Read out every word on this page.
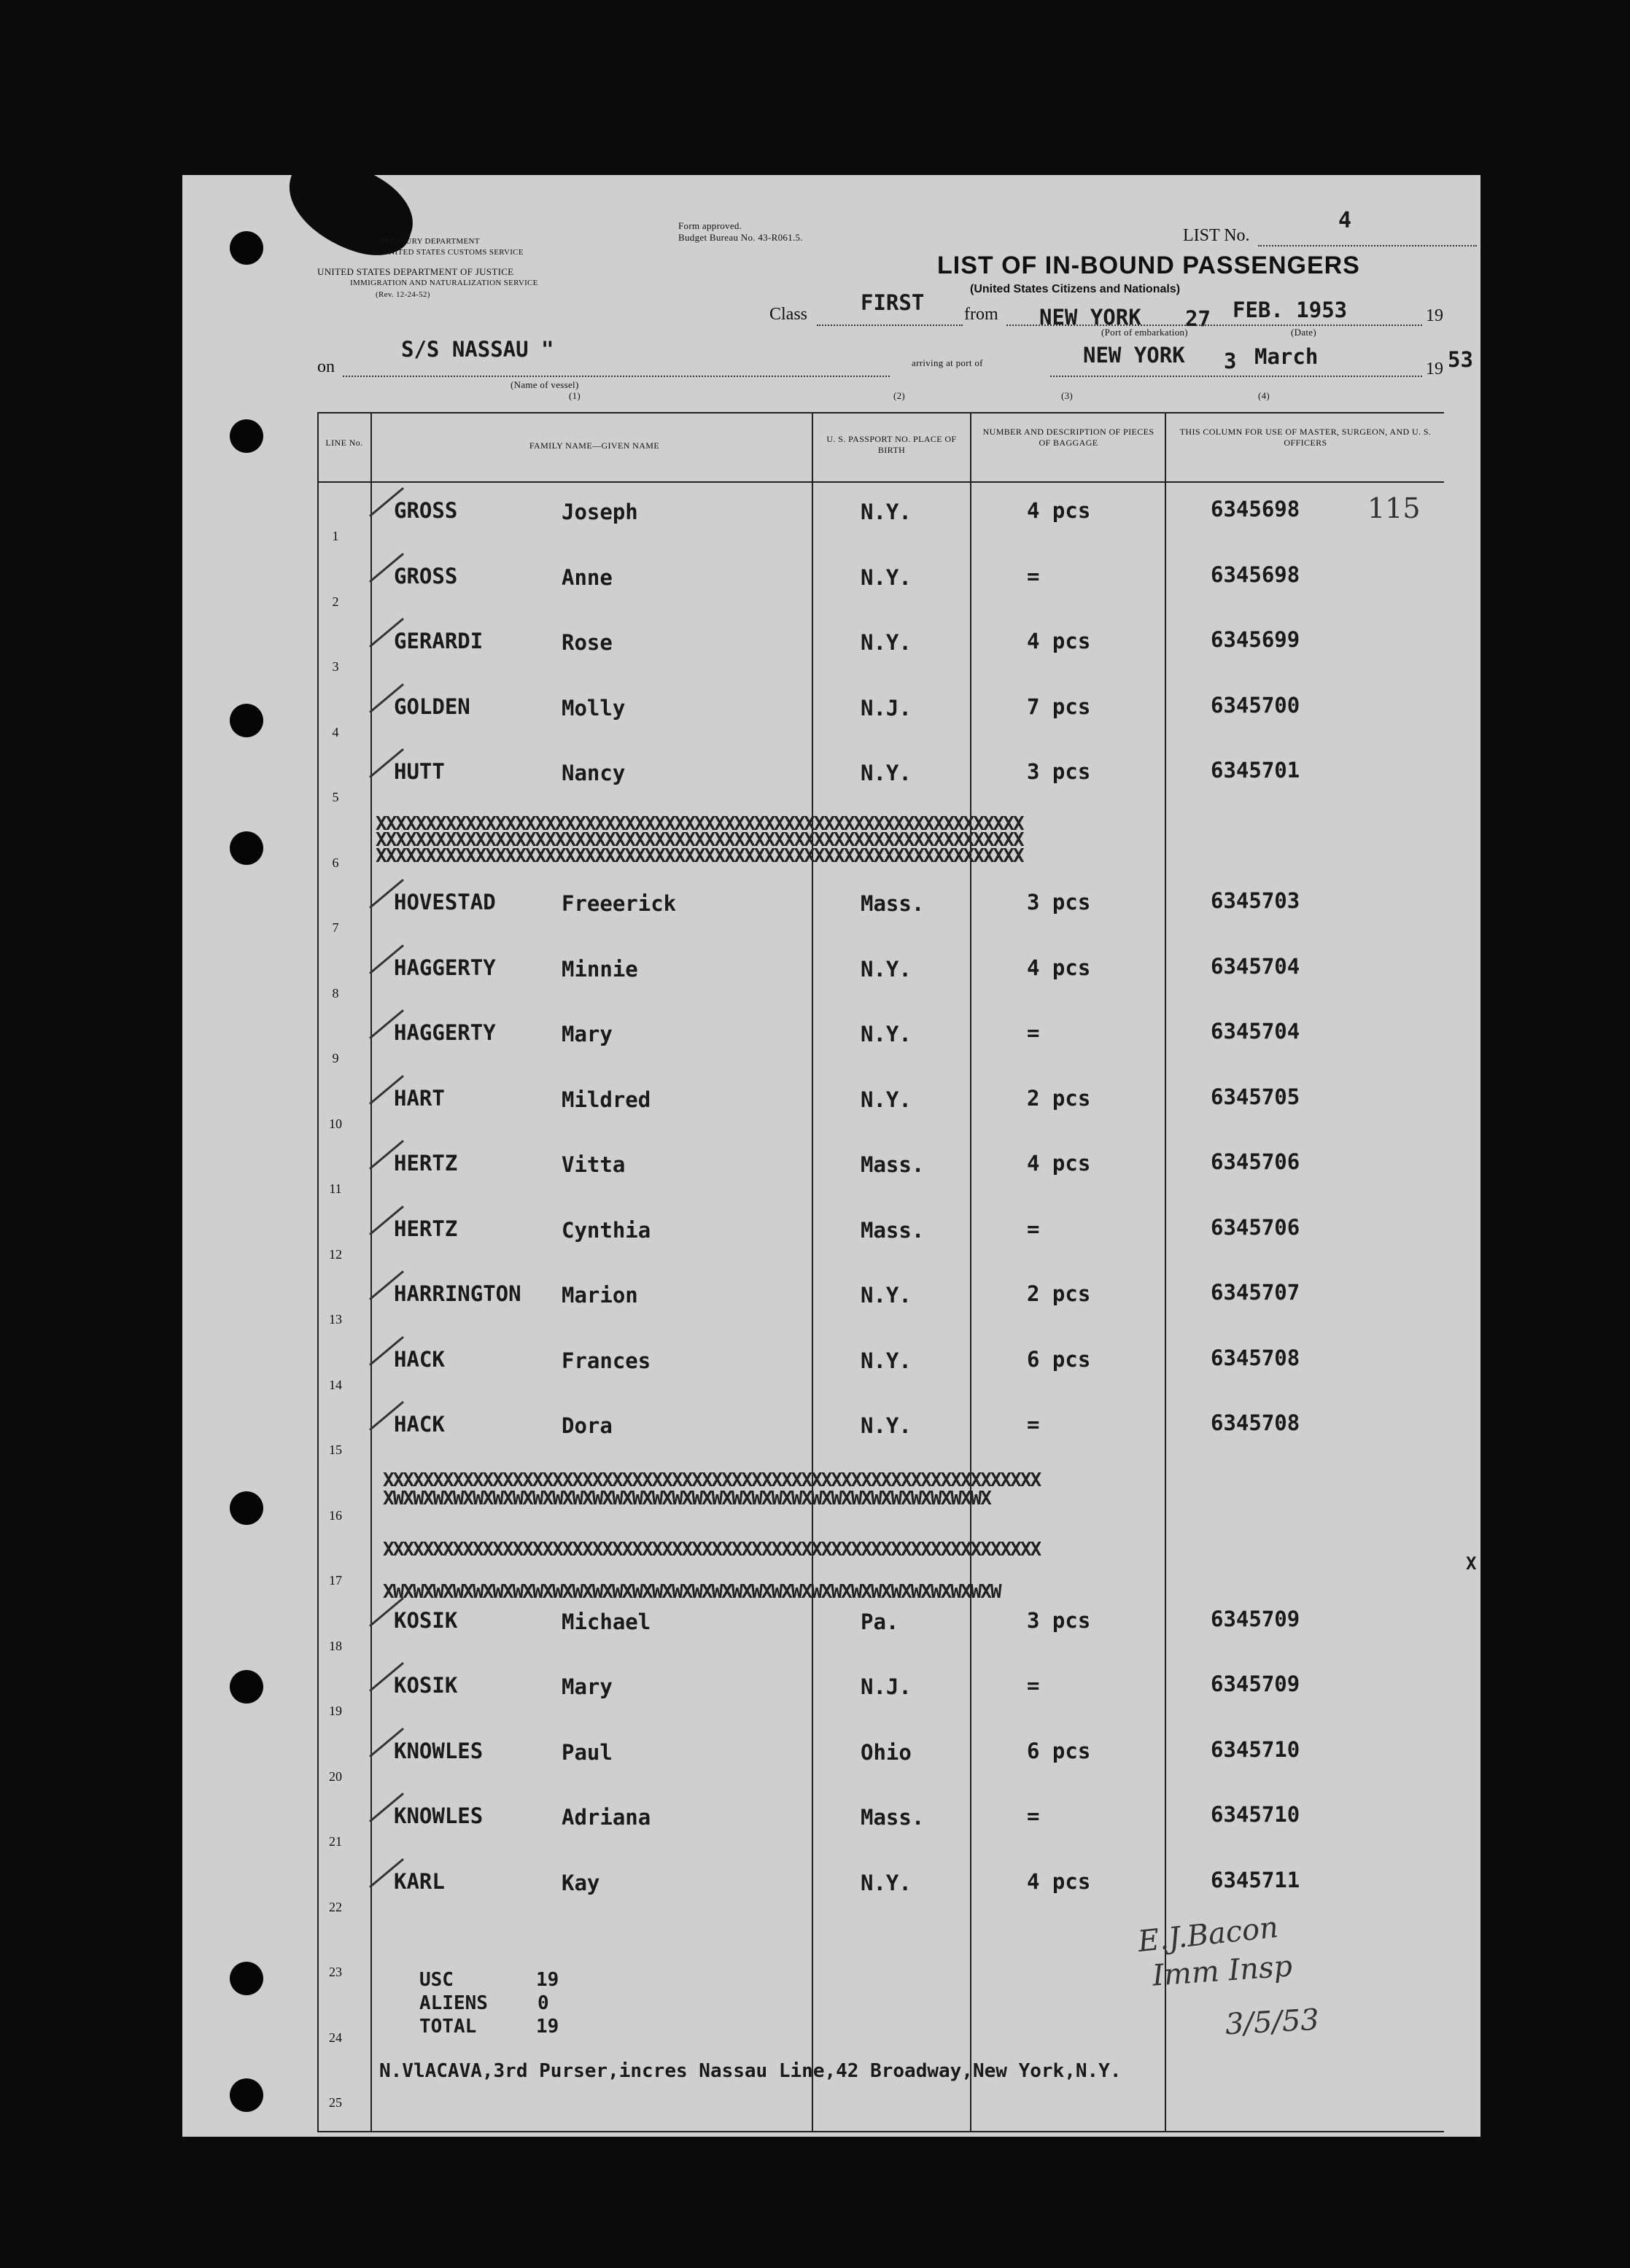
TREASURY DEPARTMENT
UNITED STATES CUSTOMS SERVICE
UNITED STATES DEPARTMENT OF JUSTICE
IMMIGRATION AND NATURALIZATION SERVICE
(Rev. 12-24-52)
Form approved.
Budget Bureau No. 43-R061.5.	LIST No.
4
LIST OF IN-BOUND PASSENGERS
(United States Citizens and Nationals)
Class	FIRST from NEW YORK 27 FEB. 1953	19
(Port of embarkation)	(Date)
on
S/S NASSAU "
arriving at port of	NEW YORK 3 March	19 53
(Name of vessel)
(1)	(2)	(3)	(4)
LINE No.	FAMILY NAME—GIVEN NAME
U. S. PASSPORT NO. PLACE OF BIRTH
NUMBER AND DESCRIPTION OF PIECES OF BAGGAGE
THIS COLUMN FOR USE OF MASTER, SURGEON, AND U. S. OFFICERS
1
GROSS	Joseph	N.Y.	4 pcs	6345698 115
2
GROSS	Anne	N.Y.	=	6345698
3
GERARDI	Rose	N.Y.	4 pcs	6345699
4
GOLDEN	Molly	N.J.	7 pcs	6345700
5
HUTT	Nancy	N.Y.	3 pcs	6345701
6
7
HOVESTAD	Freeerick	Mass.	3 pcs	6345703
8
HAGGERTY	Minnie	N.Y.	4 pcs	6345704
9
HAGGERTY	Mary	N.Y.	=	6345704
10
HART	Mildred	N.Y.	2 pcs	6345705
11
HERTZ	Vitta	Mass.	4 pcs	6345706
12
HERTZ	Cynthia	Mass.	=	6345706
13
HARRINGTON Marion	N.Y.	2 pcs	6345707
14
HACK	Frances	N.Y.	6 pcs	6345708
15
HACK	Dora	N.Y.	=	6345708
16
17
18
KOSIK	Michael	Pa.	3 pcs	6345709
19
KOSIK	Mary	N.J.	=	6345709
20
KNOWLES	Paul	Ohio	6 pcs	6345710
21
KNOWLES	Adriana	Mass.	=	6345710
22
KARL	Kay	N.Y.	4 pcs	6345711
23
24
25
XXXXXXXXXXXXXXXXXXXXXXXXXXXXXXXXXXXXXXXXXXXXXXXXXXXXXXXXXXXXXXXXX
XXXXXXXXXXXXXXXXXXXXXXXXXXXXXXXXXXXXXXXXXXXXXXXXXXXXXXXXXXXXXXXXX
XXXXXXXXXXXXXXXXXXXXXXXXXXXXXXXXXXXXXXXXXXXXXXXXXXXXXXXXXXXXXXXXX
XXXXXXXXXXXXXXXXXXXXXXXXXXXXXXXXXXXXXXXXXXXXXXXXXXXXXXXXXXXXXXXXXX
XWXWXWXWXWXWXWXWXWXWXWXWXWXWXWXWXWXWXWXWXWXWXWXWXWXWXWXWXWXWX
XXXXXXXXXXXXXXXXXXXXXXXXXXXXXXXXXXXXXXXXXXXXXXXXXXXXXXXXXXXXXXXXXX
XWXWXWXWXWXWXWXWXWXWXWXWXWXWXWXWXWXWXWXWXWXWXWXWXWXWXWXWXWXWXW
X
USC	19
ALIENS	0
TOTAL	19
N.VlACAVA,3rd Purser,incres Nassau Line,42 Broadway,New York,N.Y.
E.J.Bacon
Imm Insp
3/5/53
